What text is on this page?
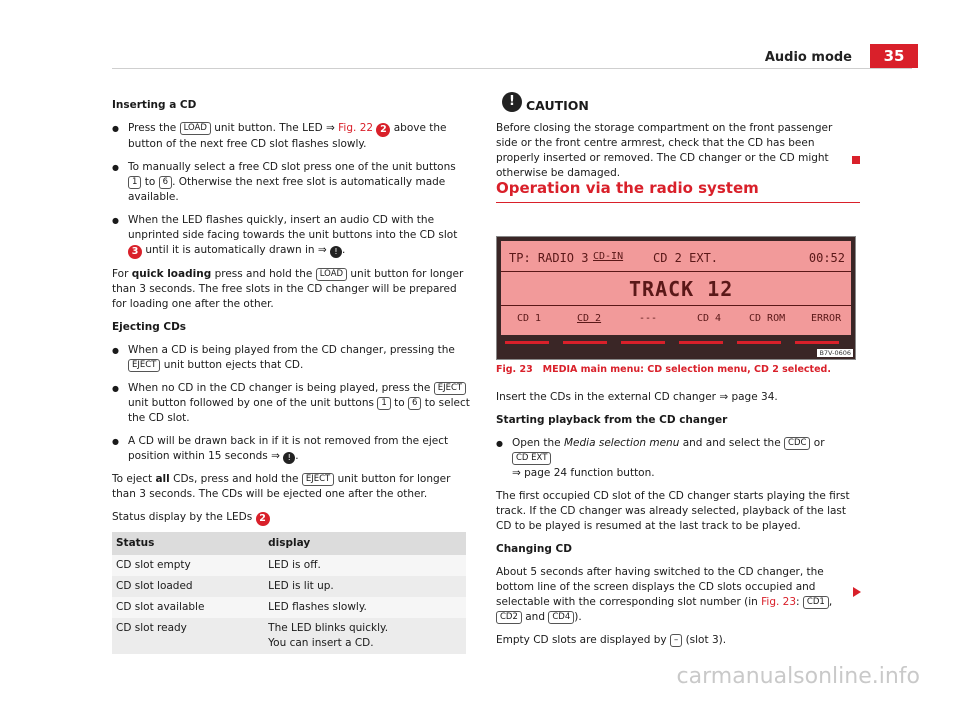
Audio mode	35

Inserting a CD

● Press the LOAD unit button. The LED ⇒ Fig. 22 2 above the button of the next free CD slot flashes slowly.

● To manually select a free CD slot press one of the unit buttons 1 to 6 . Otherwise the next free slot is automatically made available.

● When the LED flashes quickly, insert an audio CD with the unprinted side facing towards the unit buttons into the CD slot 3 until it is automatically drawn in ⇒ ! .

For quick loading press and hold the LOAD unit button for longer than 3 seconds. The free slots in the CD changer will be prepared for loading one after the other.

Ejecting CDs

● When a CD is being played from the CD changer, pressing the EJECT unit button ejects that CD.

● When no CD in the CD changer is being played, press the EJECT unit button followed by one of the unit buttons 1 to 6 to select the CD slot.

● A CD will be drawn back in if it is not removed from the eject position within 15 seconds ⇒ ! .

To eject all CDs, press and hold the EJECT unit button for longer than 3 seconds. The CDs will be ejected one after the other.

Status display by the LEDs 2

Status	display
CD slot empty	LED is off.
CD slot loaded	LED is lit up.
CD slot available	LED flashes slowly.
CD slot ready	The LED blinks quickly.
You can insert a CD.

! CAUTION

Before closing the storage compartment on the front passenger side or the front centre armrest, check that the CD has been properly inserted or removed. The CD changer or the CD might otherwise be damaged.

Operation via the radio system

TP: RADIO 3 CD-IN CD 2 EXT.	00:52
TRACK 12
CD 1	CD 2	---	CD 4	CD ROM	ERROR
B7V-0606
Fig. 23 MEDIA main menu: CD selection menu, CD 2 selected.

Insert the CDs in the external CD changer ⇒ page 34.

Starting playback from the CD changer

● Open the Media selection menu and and select the CDC or CD EXT
⇒ page 24 function button.

The first occupied CD slot of the CD changer starts playing the first track. If the CD changer was already selected, playback of the last CD to be played is resumed at the last track to be played.

Changing CD

About 5 seconds after having switched to the CD changer, the bottom line of the screen displays the CD slots occupied and selectable with the corresponding slot number (in Fig. 23: CD1 , CD2 and CD4 ).

Empty CD slots are displayed by – (slot 3).

carmanualsonline.info
